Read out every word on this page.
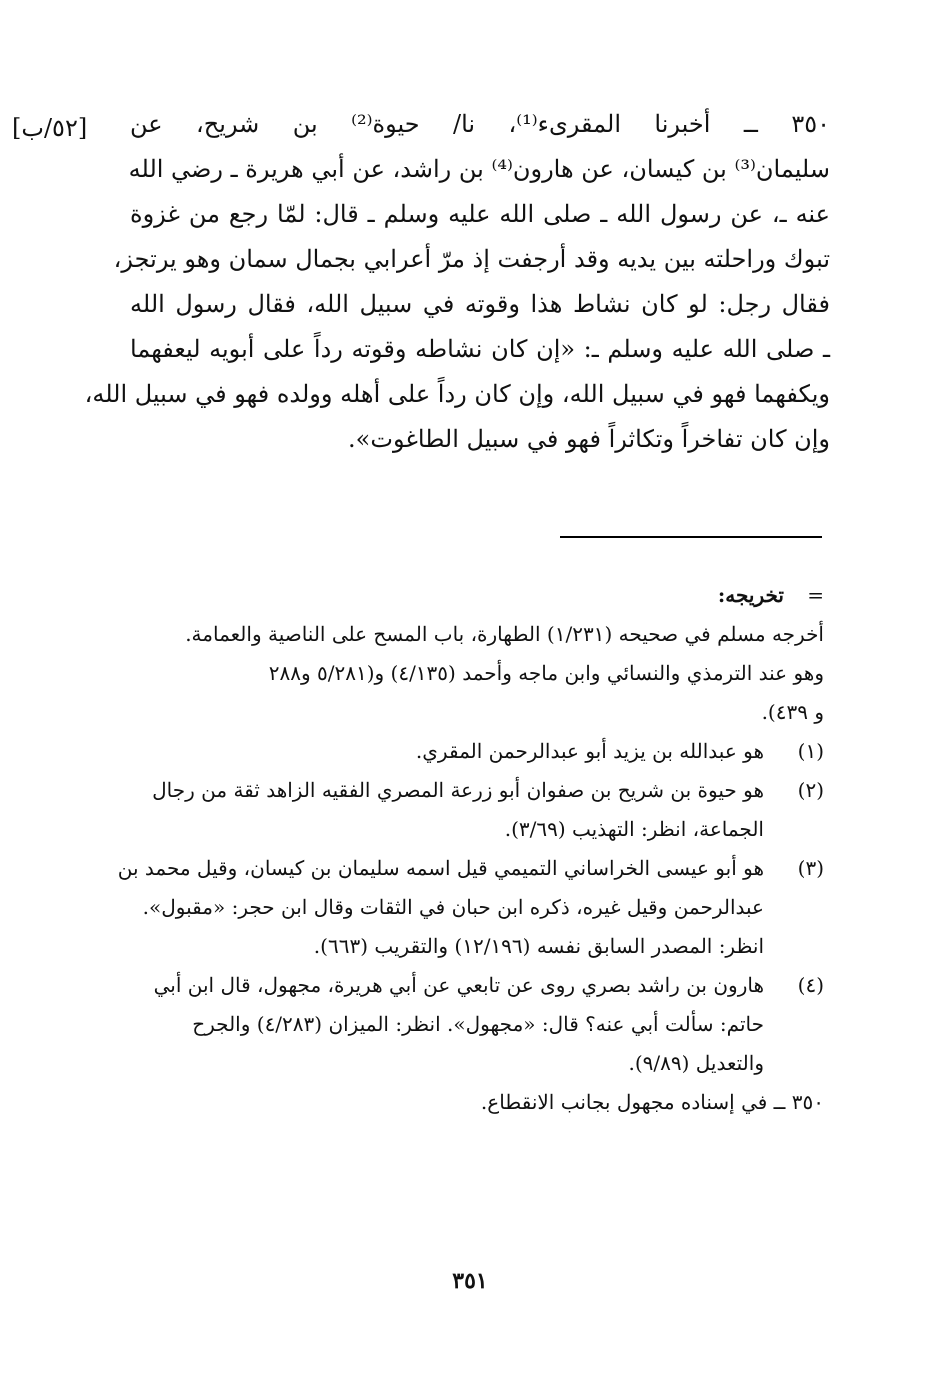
[٥٢/ب] ٣٥٠ ــ أخبرنا المقرىء⁽¹⁾، نا/ حيوة⁽²⁾ بن شريح، عن
سليمان⁽³⁾ بن كيسان، عن هارون⁽⁴⁾ بن راشد، عن أبي هريرة ـ رضي الله
عنه ـ، عن رسول الله ـ صلى الله عليه وسلم ـ قال: لمّا رجع من غزوة
تبوك وراحلته بين يديه وقد أرجفت إذ مرّ أعرابي بجمال سمان وهو يرتجز،
فقال رجل: لو كان نشاط هذا وقوته في سبيل الله، فقال رسول الله
ـ صلى الله عليه وسلم ـ: «إن كان نشاطه وقوته رداً على أبويه ليعفهما
ويكفهما فهو في سبيل الله، وإن كان رداً على أهله وولده فهو في سبيل الله،
وإن كان تفاخراً وتكاثراً فهو في سبيل الطاغوت».
=
تخريجه:
أخرجه مسلم في صحيحه (١/٢٣١) الطهارة، باب المسح على الناصية والعمامة.
وهو عند الترمذي والنسائي وابن ماجه وأحمد (٤/١٣٥) و(٥/٢٨١ و٢٨٨
و ٤٣٩).
(١)
هو عبدالله بن يزيد أبو عبدالرحمن المقري.
(٢)
هو حيوة بن شريح بن صفوان أبو زرعة المصري الفقيه الزاهد ثقة من رجال
الجماعة، انظر: التهذيب (٣/٦٩).
(٣)
هو أبو عيسى الخراساني التميمي قيل اسمه سليمان بن كيسان، وقيل محمد بن
عبدالرحمن وقيل غيره، ذكره ابن حبان في الثقات وقال ابن حجر: «مقبول».
انظر: المصدر السابق نفسه (١٢/١٩٦) والتقريب (٦٦٣).
(٤)
هارون بن راشد بصري روى عن تابعي عن أبي هريرة، مجهول، قال ابن أبي
حاتم: سألت أبي عنه؟ قال: «مجهول». انظر: الميزان (٤/٢٨٣) والجرح
والتعديل (٩/٨٩).
٣٥٠ ــ في إسناده مجهول بجانب الانقطاع.
٣٥١
